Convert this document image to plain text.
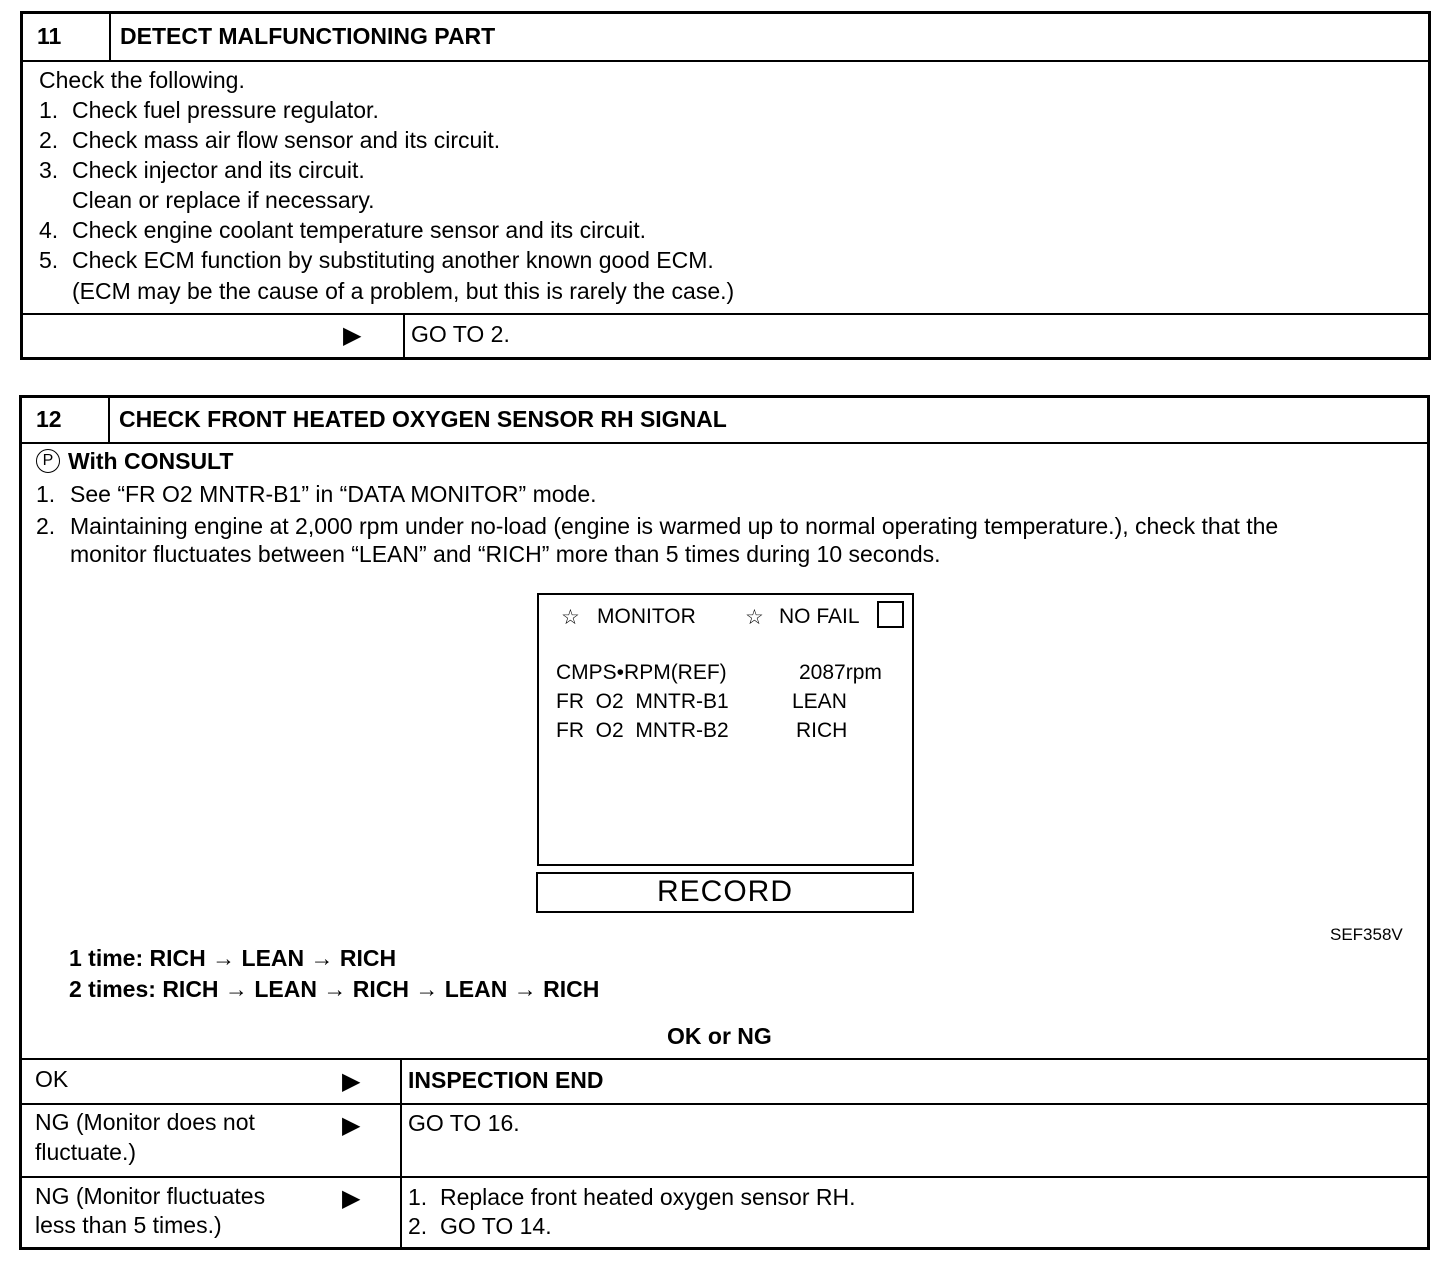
11	DETECT MALFUNCTIONING PART
Check the following.
1. Check fuel pressure regulator.
2. Check mass air flow sensor and its circuit.
3. Check injector and its circuit.
Clean or replace if necessary.
4. Check engine coolant temperature sensor and its circuit.
5. Check ECM function by substituting another known good ECM.
(ECM may be the cause of a problem, but this is rarely the case.)
▶ GO TO 2.
12	CHECK FRONT HEATED OXYGEN SENSOR RH SIGNAL
P With CONSULT
1. See “FR O2 MNTR-B1” in “DATA MONITOR” mode.
2. Maintaining engine at 2,000 rpm under no-load (engine is warmed up to normal operating temperature.), check that the
monitor fluctuates between “LEAN” and “RICH” more than 5 times during 10 seconds.
☆ MONITOR ☆ NO FAIL
CMPS•RPM(REF)	2087rpm
FR  O2  MNTR-B1	LEAN
FR  O2  MNTR-B2	RICH
RECORD
SEF358V
1 time: RICH → LEAN → RICH
2 times: RICH → LEAN → RICH → LEAN → RICH
OK or NG
OK	▶ INSPECTION END
NG (Monitor does not
fluctuate.)
▶ GO TO 16.
NG (Monitor fluctuates
less than 5 times.)
▶ 1.  Replace front heated oxygen sensor RH.
2.  GO TO 14.
